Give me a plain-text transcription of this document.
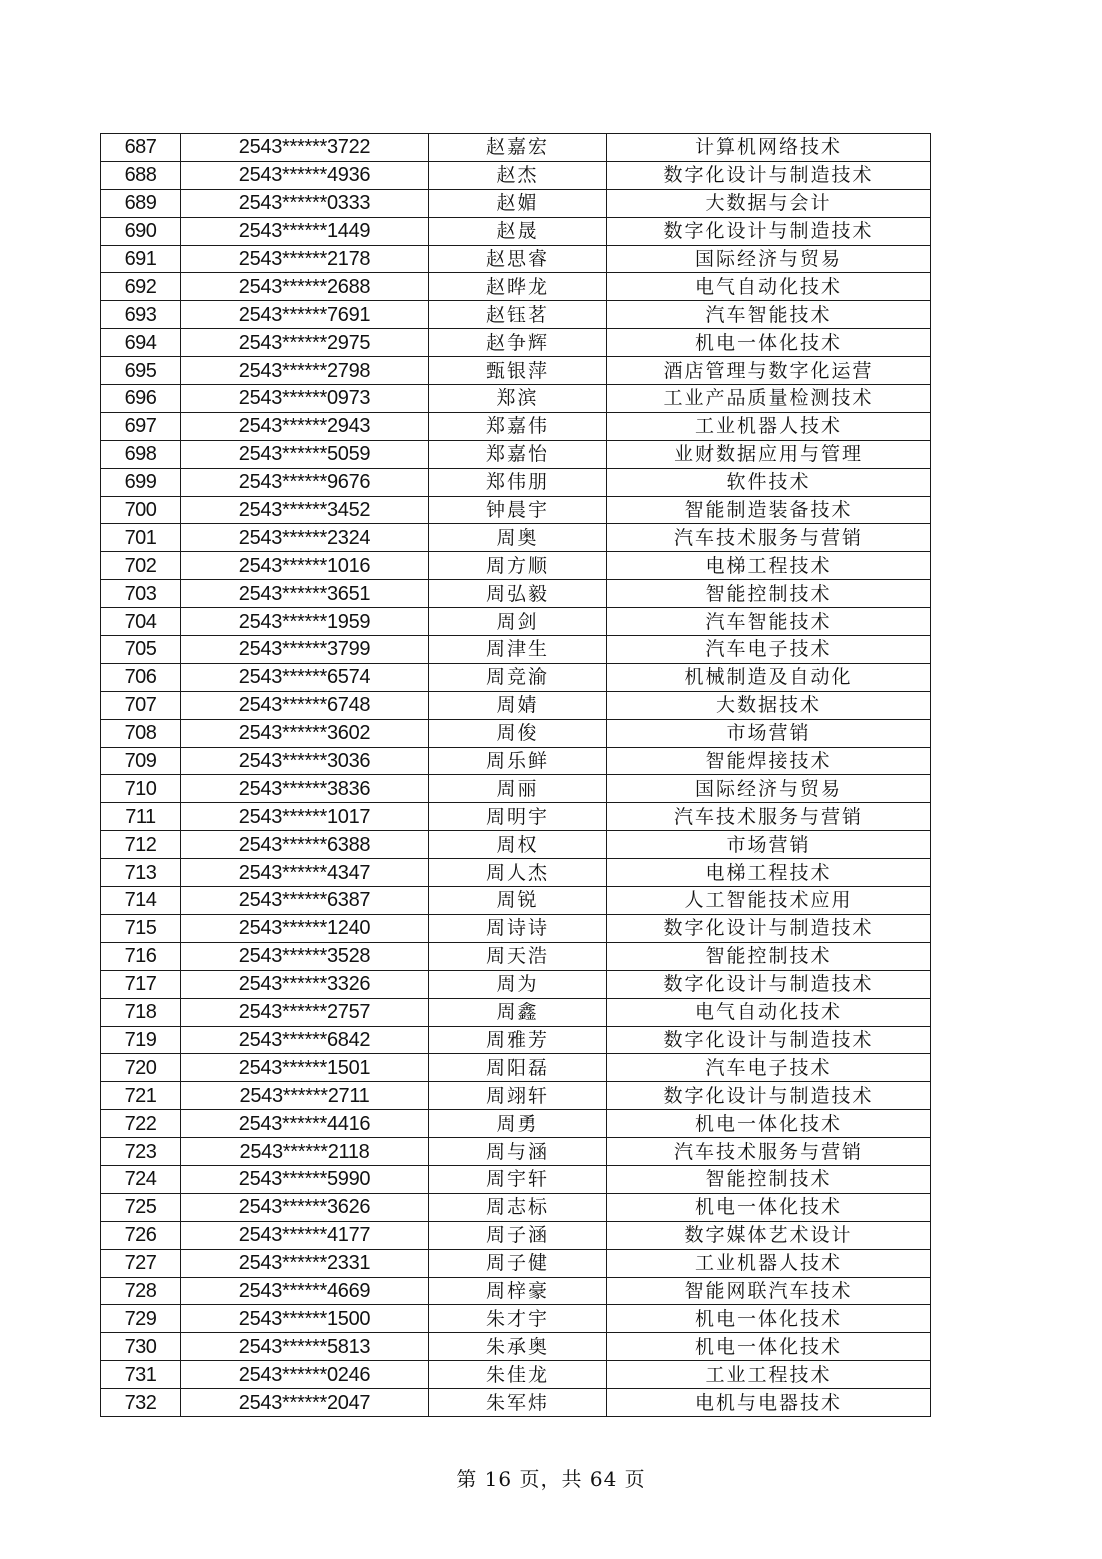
687	2543******3722	赵嘉宏	计算机网络技术
688	2543******4936	赵杰	数字化设计与制造技术
689	2543******0333	赵媚	大数据与会计
690	2543******1449	赵晟	数字化设计与制造技术
691	2543******2178	赵思睿	国际经济与贸易
692	2543******2688	赵晔龙	电气自动化技术
693	2543******7691	赵钰茗	汽车智能技术
694	2543******2975	赵争辉	机电一体化技术
695	2543******2798	甄银萍	酒店管理与数字化运营
696	2543******0973	郑滨	工业产品质量检测技术
697	2543******2943	郑嘉伟	工业机器人技术
698	2543******5059	郑嘉怡	业财数据应用与管理
699	2543******9676	郑伟朋	软件技术
700	2543******3452	钟晨宇	智能制造装备技术
701	2543******2324	周奥	汽车技术服务与营销
702	2543******1016	周方顺	电梯工程技术
703	2543******3651	周弘毅	智能控制技术
704	2543******1959	周剑	汽车智能技术
705	2543******3799	周津生	汽车电子技术
706	2543******6574	周竞渝	机械制造及自动化
707	2543******6748	周婧	大数据技术
708	2543******3602	周俊	市场营销
709	2543******3036	周乐鲜	智能焊接技术
710	2543******3836	周丽	国际经济与贸易
711	2543******1017	周明宇	汽车技术服务与营销
712	2543******6388	周权	市场营销
713	2543******4347	周人杰	电梯工程技术
714	2543******6387	周锐	人工智能技术应用
715	2543******1240	周诗诗	数字化设计与制造技术
716	2543******3528	周天浩	智能控制技术
717	2543******3326	周为	数字化设计与制造技术
718	2543******2757	周鑫	电气自动化技术
719	2543******6842	周雅芳	数字化设计与制造技术
720	2543******1501	周阳磊	汽车电子技术
721	2543******2711	周翊轩	数字化设计与制造技术
722	2543******4416	周勇	机电一体化技术
723	2543******2118	周与涵	汽车技术服务与营销
724	2543******5990	周宇轩	智能控制技术
725	2543******3626	周志标	机电一体化技术
726	2543******4177	周子涵	数字媒体艺术设计
727	2543******2331	周子健	工业机器人技术
728	2543******4669	周梓豪	智能网联汽车技术
729	2543******1500	朱才宇	机电一体化技术
730	2543******5813	朱承奥	机电一体化技术
731	2543******0246	朱佳龙	工业工程技术
732	2543******2047	朱军炜	电机与电器技术
第 16 页，共 64 页
